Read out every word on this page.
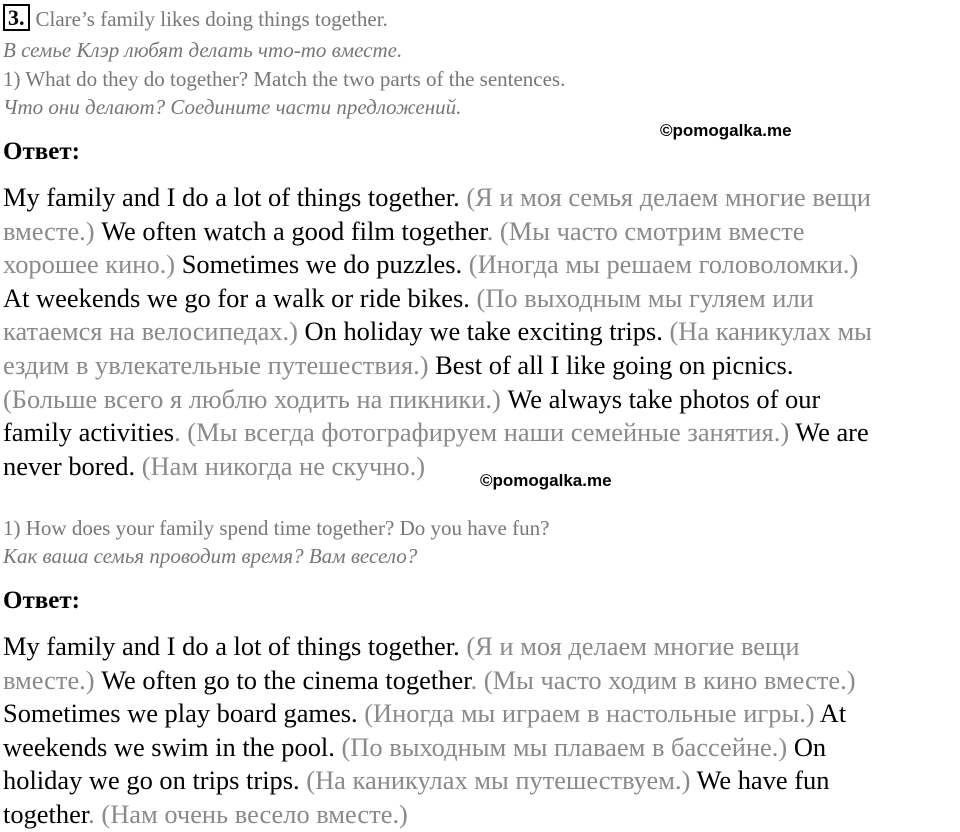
3. Clare’s family likes doing things together.
В семье Клэр любят делать что-то вместе.
1) What do they do together? Match the two parts of the sentences.
Что они делают? Соедините части предложений.
©pomogalka.me
Ответ:
My family and I do a lot of things together. (Я и моя семья делаем многие вещи
вместе.) We often watch a good film together. (Мы часто смотрим вместе
хорошее кино.) Sometimes we do puzzles. (Иногда мы решаем головоломки.)
At weekends we go for a walk or ride bikes. (По выходным мы гуляем или
катаемся на велосипедах.) On holiday we take exciting trips. (На каникулах мы
ездим в увлекательные путешествия.) Best of all I like going on picnics.
(Больше всего я люблю ходить на пикники.) We always take photos of our
family activities. (Мы всегда фотографируем наши семейные занятия.) We are
never bored. (Нам никогда не скучно.)	©pomogalka.me
1) How does your family spend time together? Do you have fun?
Как ваша семья проводит время? Вам весело?
Ответ:
My family and I do a lot of things together. (Я и моя делаем многие вещи
вместе.) We often go to the cinema together. (Мы часто ходим в кино вместе.)
Sometimes we play board games. (Иногда мы играем в настольные игры.) At
weekends we swim in the pool. (По выходным мы плаваем в бассейне.) On
holiday we go on trips trips. (На каникулах мы путешествуем.) We have fun
together. (Нам очень весело вместе.)
